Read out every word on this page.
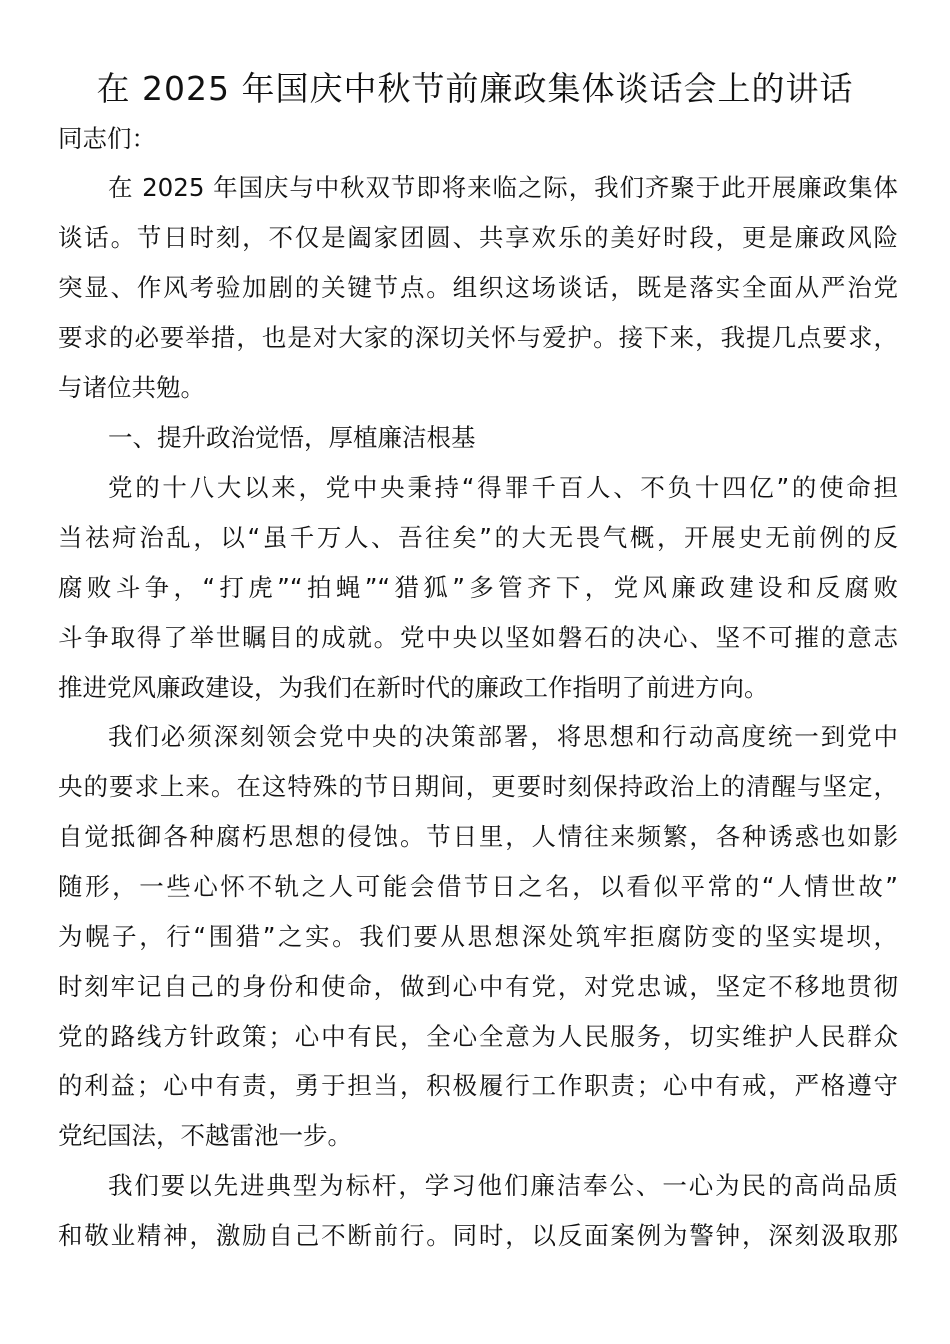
在 2025 年国庆中秋节前廉政集体谈话会上的讲话

同志们：

在 2025 年国庆与中秋双节即将来临之际，我们齐聚于此开展廉政集体

谈话。节日时刻，不仅是阖家团圆、共享欢乐的美好时段，更是廉政风险

突显、作风考验加剧的关键节点。组织这场谈话，既是落实全面从严治党

要求的必要举措，也是对大家的深切关怀与爱护。接下来，我提几点要求，

与诸位共勉。

一、提升政治觉悟，厚植廉洁根基

党的十八大以来，党中央秉持“得罪千百人、不负十四亿”的使命担

当祛疴治乱，以“虽千万人、吾往矣”的大无畏气概，开展史无前例的反

腐败斗争，“打虎”“拍蝇”“猎狐”多管齐下，党风廉政建设和反腐败

斗争取得了举世瞩目的成就。党中央以坚如磐石的决心、坚不可摧的意志

推进党风廉政建设，为我们在新时代的廉政工作指明了前进方向。

我们必须深刻领会党中央的决策部署，将思想和行动高度统一到党中

央的要求上来。在这特殊的节日期间，更要时刻保持政治上的清醒与坚定，

自觉抵御各种腐朽思想的侵蚀。节日里，人情往来频繁，各种诱惑也如影

随形，一些心怀不轨之人可能会借节日之名，以看似平常的“人情世故”

为幌子，行“围猎”之实。我们要从思想深处筑牢拒腐防变的坚实堤坝，

时刻牢记自己的身份和使命，做到心中有党，对党忠诚，坚定不移地贯彻

党的路线方针政策；心中有民，全心全意为人民服务，切实维护人民群众

的利益；心中有责，勇于担当，积极履行工作职责；心中有戒，严格遵守

党纪国法，不越雷池一步。

我们要以先进典型为标杆，学习他们廉洁奉公、一心为民的高尚品质

和敬业精神，激励自己不断前行。同时，以反面案例为警钟，深刻汲取那
